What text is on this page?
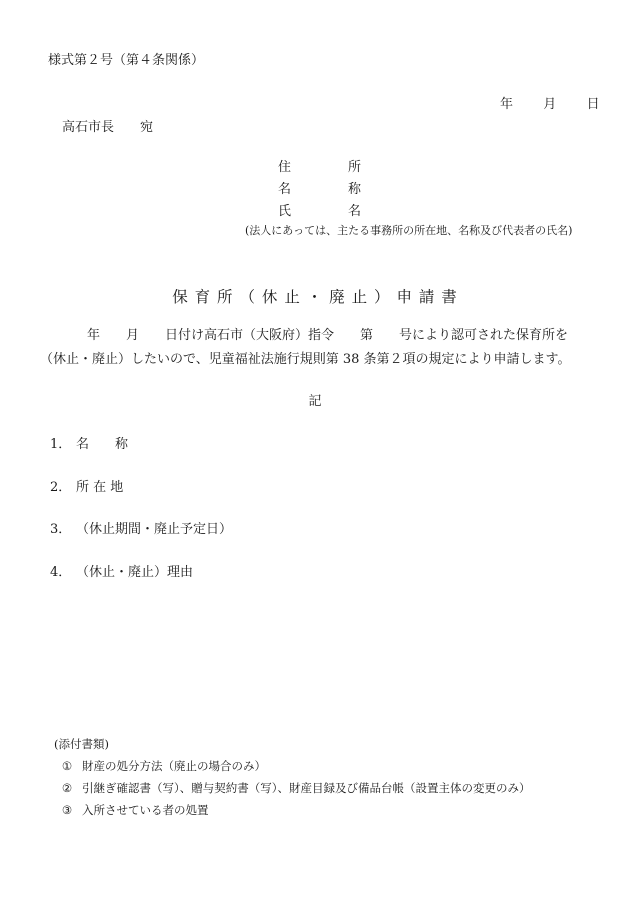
様式第２号（第４条関係）
年 月 日
高石市長　　宛
住	所
名	称
氏	名
(法人にあっては、主たる事務所の所在地、名称及び代表者の氏名)
保 育 所 （ 休 止 ・ 廃 止 ） 申 請 書
年　　月　　日付け高石市（大阪府）指令　　第　　号により認可された保育所を
（休止・廃止）したいので、児童福祉法施行規則第 38 条第２項の規定により申請します。
記
1． 名　　称
2． 所 在 地
3． （休止期間・廃止予定日）
4． （休止・廃止）理由
(添付書類)
① 財産の処分方法（廃止の場合のみ）
② 引継ぎ確認書（写）、贈与契約書（写）、財産目録及び備品台帳（設置主体の変更のみ）
③ 入所させている者の処置
